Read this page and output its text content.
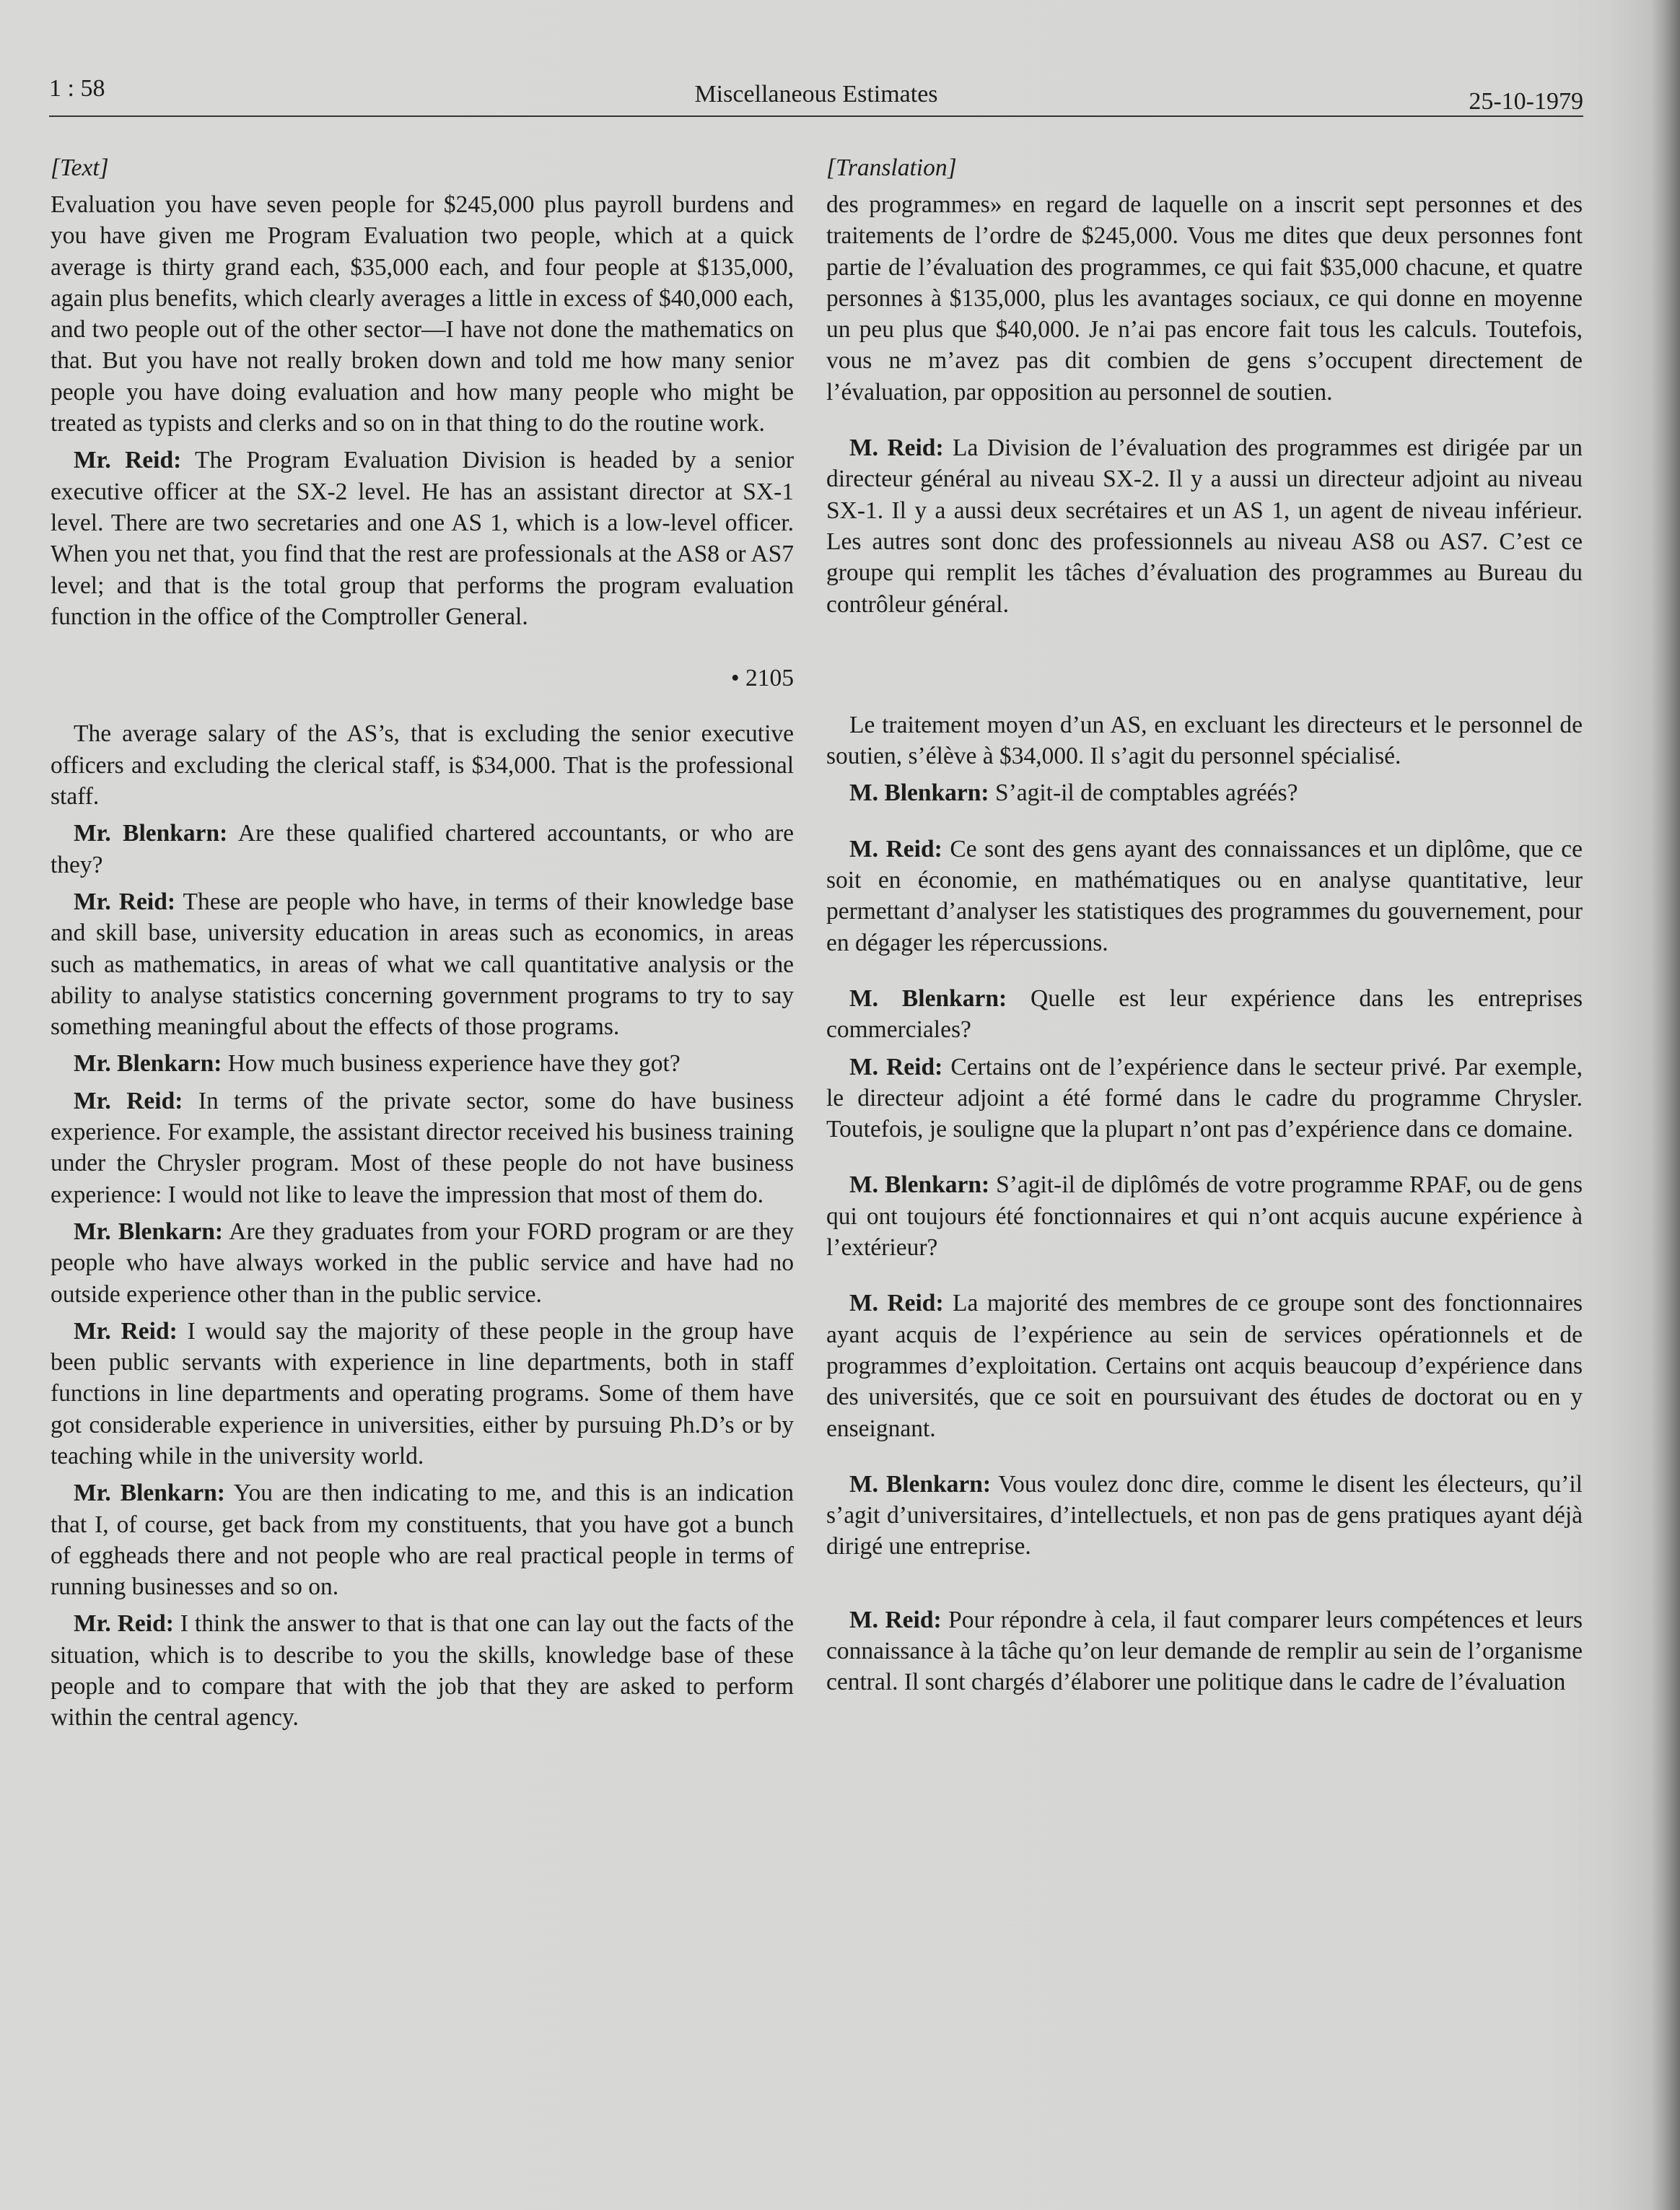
1 : 58	Miscellaneous Estimates	25-10-1979
[Text]

Evaluation you have seven people for $245,000 plus payroll burdens and you have given me Program Evaluation two people, which at a quick average is thirty grand each, $35,000 each, and four people at $135,000, again plus benefits, which clearly averages a little in excess of $40,000 each, and two people out of the other sector—I have not done the mathematics on that. But you have not really broken down and told me how many senior people you have doing evaluation and how many people who might be treated as typists and clerks and so on in that thing to do the routine work.

Mr. Reid: The Program Evaluation Division is headed by a senior executive officer at the SX-2 level. He has an assistant director at SX-1 level. There are two secretaries and one AS 1, which is a low-level officer. When you net that, you find that the rest are professionals at the AS8 or AS7 level; and that is the total group that performs the program evaluation function in the office of the Comptroller General.

• 2105

The average salary of the AS’s, that is excluding the senior executive officers and excluding the clerical staff, is $34,000. That is the professional staff.

Mr. Blenkarn: Are these qualified chartered accountants, or who are they?

Mr. Reid: These are people who have, in terms of their knowledge base and skill base, university education in areas such as economics, in areas such as mathematics, in areas of what we call quantitative analysis or the ability to analyse statistics concerning government programs to try to say something meaningful about the effects of those programs.

Mr. Blenkarn: How much business experience have they got?

Mr. Reid: In terms of the private sector, some do have business experience. For example, the assistant director received his business training under the Chrysler program. Most of these people do not have business experience: I would not like to leave the impression that most of them do.

Mr. Blenkarn: Are they graduates from your FORD program or are they people who have always worked in the public service and have had no outside experience other than in the public service.

Mr. Reid: I would say the majority of these people in the group have been public servants with experience in line departments, both in staff functions in line departments and operating programs. Some of them have got considerable experience in universities, either by pursuing Ph.D’s or by teaching while in the university world.

Mr. Blenkarn: You are then indicating to me, and this is an indication that I, of course, get back from my constituents, that you have got a bunch of eggheads there and not people who are real practical people in terms of running businesses and so on.

Mr. Reid: I think the answer to that is that one can lay out the facts of the situation, which is to describe to you the skills, knowledge base of these people and to compare that with the job that they are asked to perform within the central agency.

[Translation]

des programmes» en regard de laquelle on a inscrit sept personnes et des traitements de l’ordre de $245,000. Vous me dites que deux personnes font partie de l’évaluation des programmes, ce qui fait $35,000 chacune, et quatre personnes à $135,000, plus les avantages sociaux, ce qui donne en moyenne un peu plus que $40,000. Je n’ai pas encore fait tous les calculs. Toutefois, vous ne m’avez pas dit combien de gens s’occupent directement de l’évaluation, par opposition au personnel de soutien.

M. Reid: La Division de l’évaluation des programmes est dirigée par un directeur général au niveau SX-2. Il y a aussi un directeur adjoint au niveau SX-1. Il y a aussi deux secrétaires et un AS 1, un agent de niveau inférieur. Les autres sont donc des professionnels au niveau AS8 ou AS7. C’est ce groupe qui remplit les tâches d’évaluation des programmes au Bureau du contrôleur général.

Le traitement moyen d’un AS, en excluant les directeurs et le personnel de soutien, s’élève à $34,000. Il s’agit du personnel spécialisé.

M. Blenkarn: S’agit-il de comptables agréés?

M. Reid: Ce sont des gens ayant des connaissances et un diplôme, que ce soit en économie, en mathématiques ou en analyse quantitative, leur permettant d’analyser les statistiques des programmes du gouvernement, pour en dégager les répercussions.

M. Blenkarn: Quelle est leur expérience dans les entreprises commerciales?

M. Reid: Certains ont de l’expérience dans le secteur privé. Par exemple, le directeur adjoint a été formé dans le cadre du programme Chrysler. Toutefois, je souligne que la plupart n’ont pas d’expérience dans ce domaine.

M. Blenkarn: S’agit-il de diplômés de votre programme RPAF, ou de gens qui ont toujours été fonctionnaires et qui n’ont acquis aucune expérience à l’extérieur?

M. Reid: La majorité des membres de ce groupe sont des fonctionnaires ayant acquis de l’expérience au sein de services opérationnels et de programmes d’exploitation. Certains ont acquis beaucoup d’expérience dans des universités, que ce soit en poursuivant des études de doctorat ou en y enseignant.

M. Blenkarn: Vous voulez donc dire, comme le disent les électeurs, qu’il s’agit d’universitaires, d’intellectuels, et non pas de gens pratiques ayant déjà dirigé une entreprise.

M. Reid: Pour répondre à cela, il faut comparer leurs compétences et leurs connaissance à la tâche qu’on leur demande de remplir au sein de l’organisme central. Il sont chargés d’élaborer une politique dans le cadre de l’évaluation
